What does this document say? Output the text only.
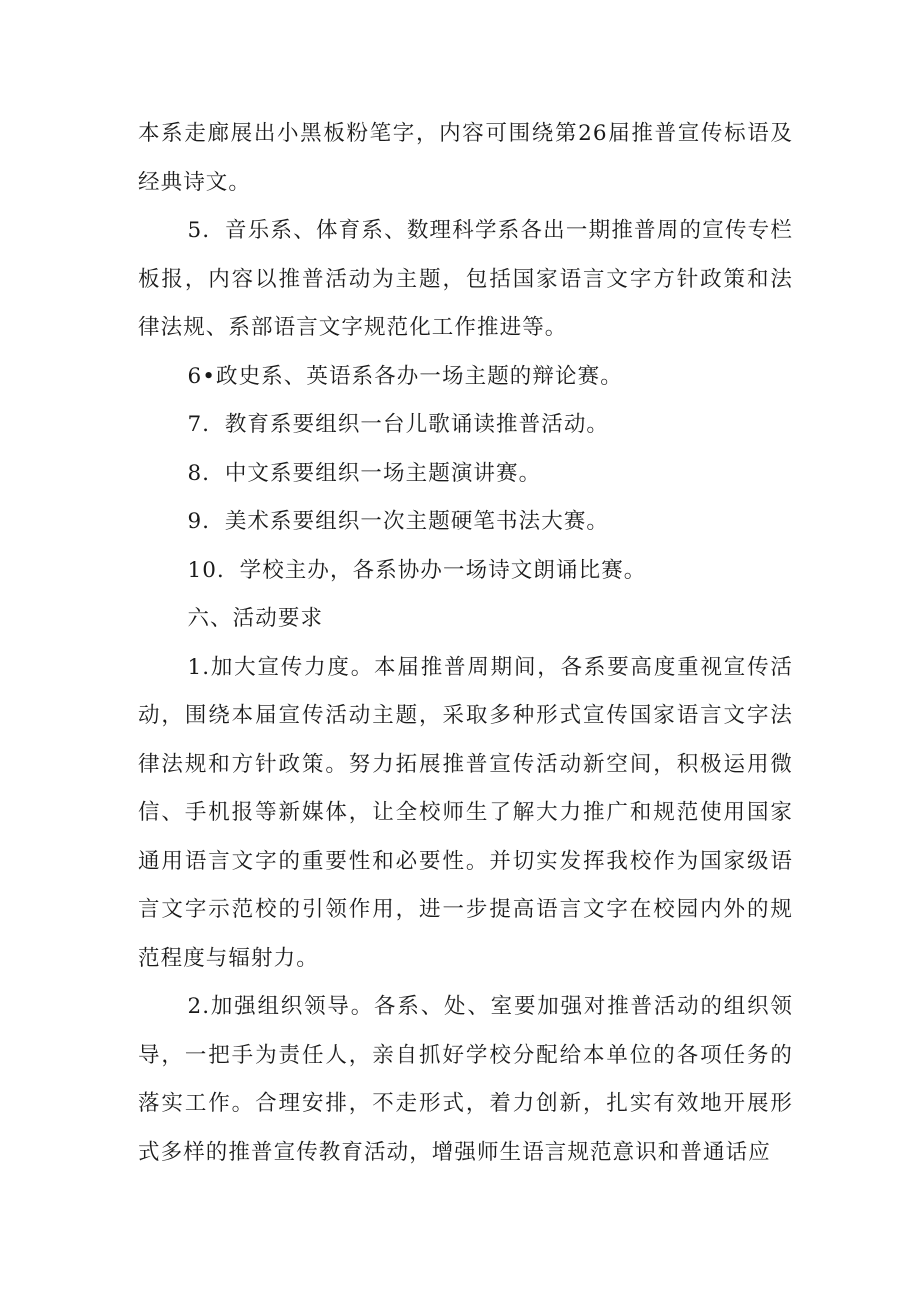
本系走廊展出小黑板粉笔字，内容可围绕第26届推普宣传标语及经典诗文。

5．音乐系、体育系、数理科学系各出一期推普周的宣传专栏板报，内容以推普活动为主题，包括国家语言文字方针政策和法律法规、系部语言文字规范化工作推进等。

6•政史系、英语系各办一场主题的辩论赛。

7．教育系要组织一台儿歌诵读推普活动。

8．中文系要组织一场主题演讲赛。

9．美术系要组织一次主题硬笔书法大赛。

10．学校主办，各系协办一场诗文朗诵比赛。

六、活动要求

1.加大宣传力度。本届推普周期间，各系要高度重视宣传活动，围绕本届宣传活动主题，采取多种形式宣传国家语言文字法律法规和方针政策。努力拓展推普宣传活动新空间，积极运用微信、手机报等新媒体，让全校师生了解大力推广和规范使用国家通用语言文字的重要性和必要性。并切实发挥我校作为国家级语言文字示范校的引领作用，进一步提高语言文字在校园内外的规范程度与辐射力。

2.加强组织领导。各系、处、室要加强对推普活动的组织领导，一把手为责任人，亲自抓好学校分配给本单位的各项任务的落实工作。合理安排，不走形式，着力创新，扎实有效地开展形式多样的推普宣传教育活动，增强师生语言规范意识和普通话应
